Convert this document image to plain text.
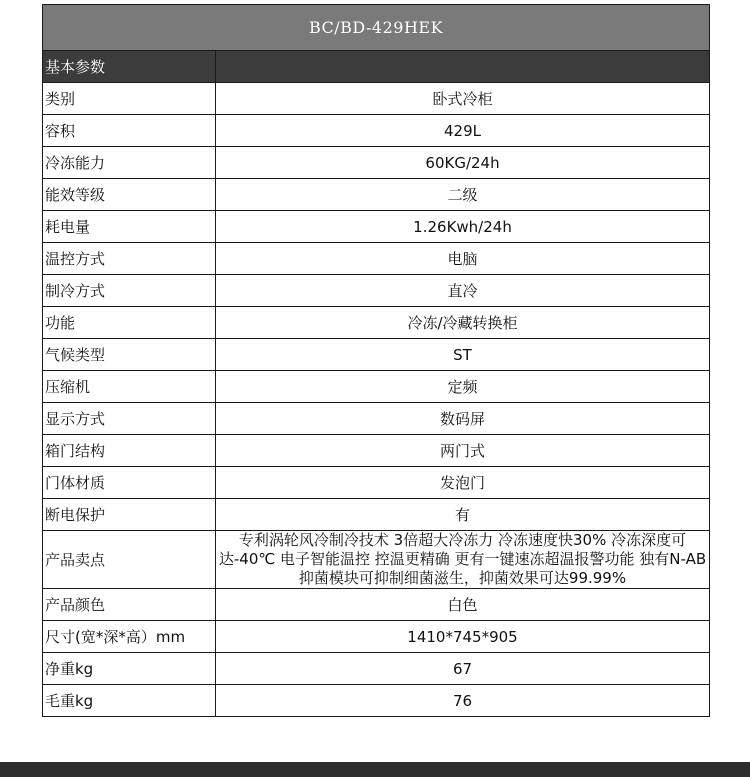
BC/BD-429HEK	
基本参数	
类别	卧式冷柜
容积	429L
冷冻能力	60KG/24h
能效等级	二级
耗电量	1.26Kwh/24h
温控方式	电脑
制冷方式	直冷
功能	冷冻/冷藏转换柜
气候类型	ST
压缩机	定频
显示方式	数码屏
箱门结构	两门式
门体材质	发泡门
断电保护	有
产品卖点	专利涡轮风冷制冷技术 3倍超大冷冻力 冷冻速度快30% 冷冻深度可达-40℃ 电子智能温控 控温更精确 更有一键速冻超温报警功能 独有N-AB抑菌模块可抑制细菌滋生，抑菌效果可达99.99%
产品颜色	白色
尺寸(宽*深*高）mm	1410*745*905
净重kg	67
毛重kg	76
